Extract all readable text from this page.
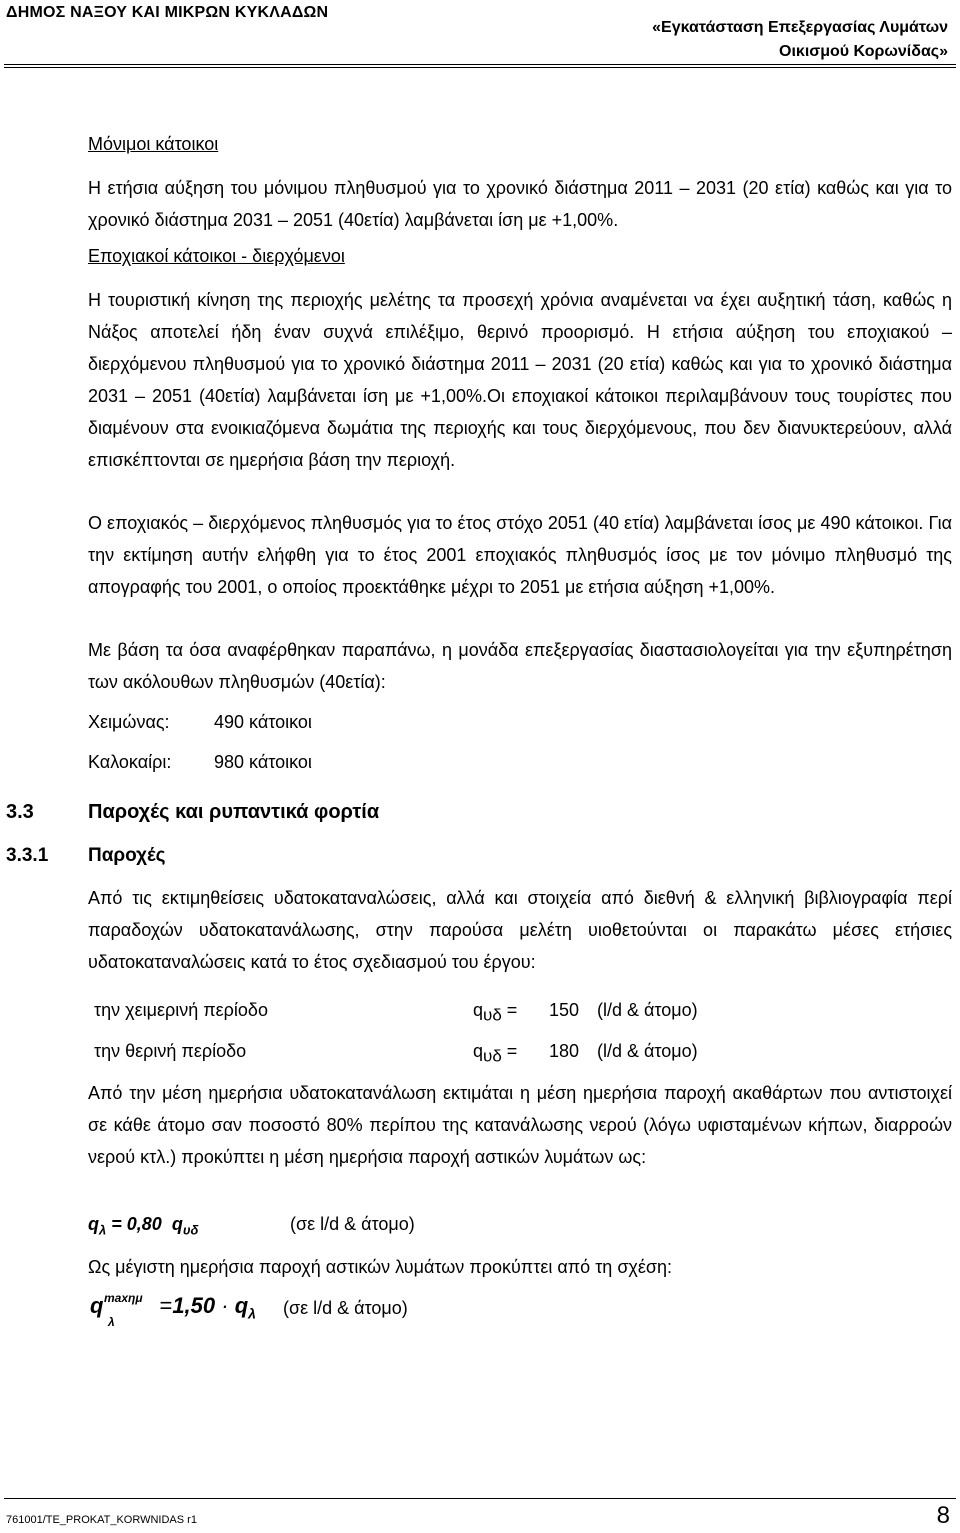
ΔΗΜΟΣ ΝΑΞΟΥ ΚΑΙ ΜΙΚΡΩΝ ΚΥΚΛΑΔΩΝ
«Εγκατάσταση Επεξεργασίας Λυμάτων
Οικισμού Κορωνίδας»
Μόνιμοι κάτοικοι
Η ετήσια αύξηση του μόνιμου πληθυσμού για το χρονικό διάστημα 2011 – 2031 (20 ετία) καθώς και για το χρονικό διάστημα 2031 – 2051 (40ετία) λαμβάνεται ίση με +1,00%.
Εποχιακοί κάτοικοι - διερχόμενοι
Η τουριστική κίνηση της περιοχής μελέτης τα προσεχή χρόνια αναμένεται να έχει αυξητική τάση, καθώς η Νάξος αποτελεί ήδη έναν συχνά επιλέξιμο, θερινό προορισμό. Η ετήσια αύξηση του εποχιακού – διερχόμενου πληθυσμού για το χρονικό διάστημα 2011 – 2031 (20 ετία) καθώς και για το χρονικό διάστημα 2031 – 2051 (40ετία) λαμβάνεται ίση με +1,00%.Οι εποχιακοί κάτοικοι περιλαμβάνουν τους τουρίστες που διαμένουν στα ενοικιαζόμενα δωμάτια της περιοχής και τους διερχόμενους, που δεν διανυκτερεύουν, αλλά επισκέπτονται σε ημερήσια βάση την περιοχή.
Ο εποχιακός – διερχόμενος πληθυσμός για το έτος στόχο 2051 (40 ετία) λαμβάνεται ίσος με 490 κάτοικοι. Για την εκτίμηση αυτήν ελήφθη για το έτος 2001 εποχιακός πληθυσμός ίσος με τον μόνιμο πληθυσμό της απογραφής του 2001, ο οποίος προεκτάθηκε μέχρι το 2051 με ετήσια αύξηση +1,00%.
Με βάση τα όσα αναφέρθηκαν παραπάνω, η μονάδα επεξεργασίας διαστασιολογείται για την εξυπηρέτηση των ακόλουθων πληθυσμών (40ετία):
Χειμώνας: 490 κάτοικοι
Καλοκαίρι: 980 κάτοικοι
3.3	Παροχές και ρυπαντικά φορτία
3.3.1 Παροχές
Από τις εκτιμηθείσεις υδατοκαταναλώσεις, αλλά και στοιχεία από διεθνή & ελληνική βιβλιογραφία περί παραδοχών υδατοκατανάλωσης, στην παρούσα μελέτη υιοθετούνται οι παρακάτω μέσες ετήσιες υδατοκαταναλώσεις κατά το έτος σχεδιασμού του έργου:
την χειμερινή περίοδο	$q_{\upsilon\delta} = 150$ (l/d & άτομο)
την θερινή περίοδο	$q_{\upsilon\delta} = 180$ (l/d & άτομο)
Από την μέση ημερήσια υδατοκατανάλωση εκτιμάται η μέση ημερήσια παροχή ακαθάρτων που αντιστοιχεί σε κάθε άτομο σαν ποσοστό 80% περίπου της κατανάλωσης νερού (λόγω υφισταμένων κήπων, διαρροών νερού κτλ.) προκύπτει η μέση ημερήσια παροχή αστικών λυμάτων ως:
$q_\lambda = 0,80$ $q_{\upsilon\delta}$	(σε l/d & άτομο)
Ως μέγιστη ημερήσια παροχή αστικών λυμάτων προκύπτει από τη σχέση:
q maxημ
λ
$=1,50 \cdot q_\lambda$ (σε l/d & άτομο)
761001/TE_PROKAT_KORWNIDAS r1	8
